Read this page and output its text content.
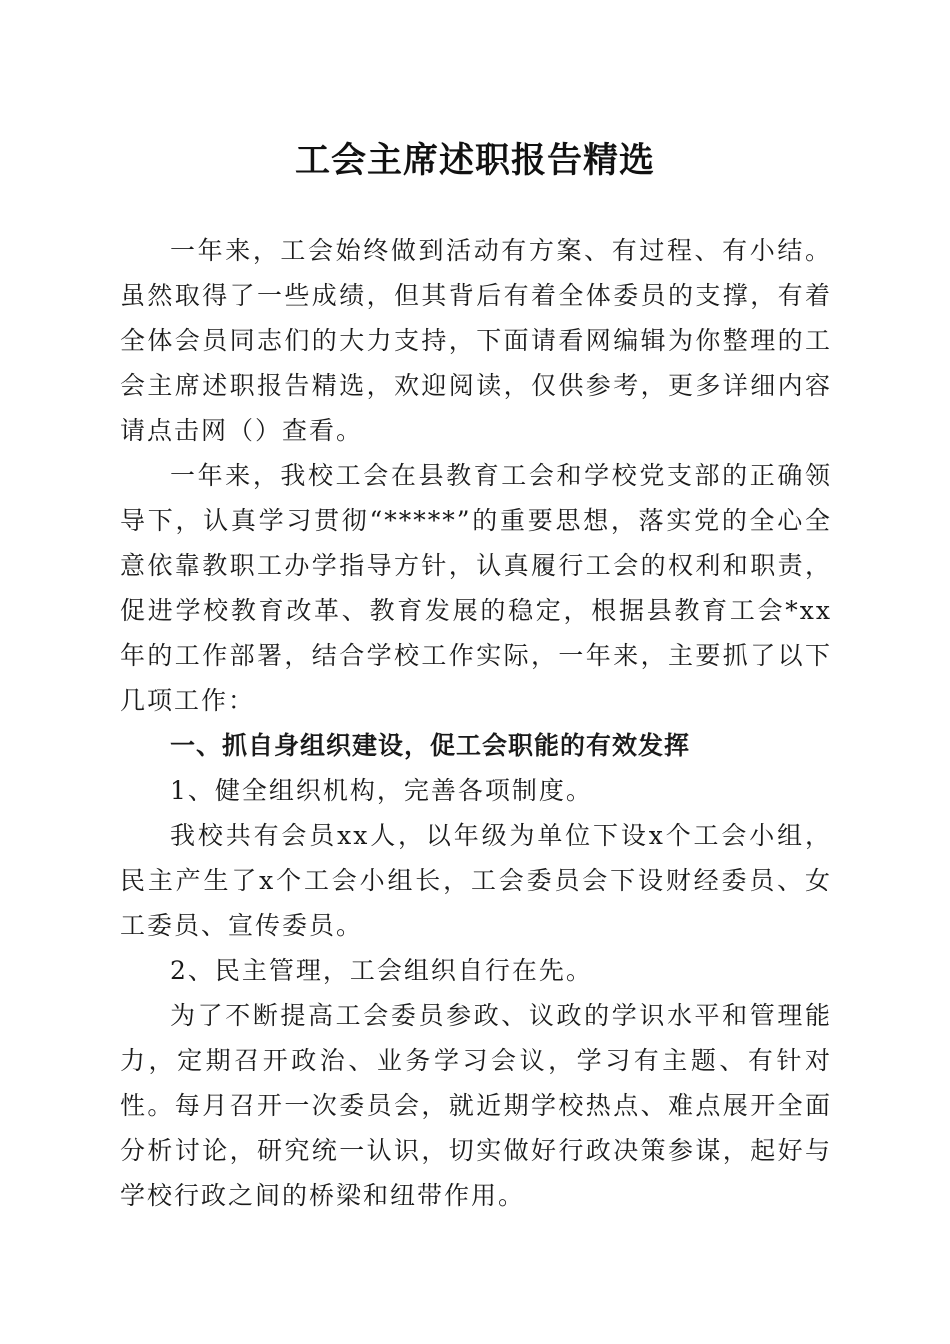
工会主席述职报告精选

一年来，工会始终做到活动有方案、有过程、有小结。虽然取得了一些成绩，但其背后有着全体委员的支撑，有着全体会员同志们的大力支持，下面请看网编辑为你整理的工会主席述职报告精选，欢迎阅读，仅供参考，更多详细内容请点击网（）查看。

一年来，我校工会在县教育工会和学校党支部的正确领导下，认真学习贯彻“*****”的重要思想，落实党的全心全意依靠教职工办学指导方针，认真履行工会的权利和职责，促进学校教育改革、教育发展的稳定，根据县教育工会*xx年的工作部署，结合学校工作实际，一年来，主要抓了以下几项工作：

一、抓自身组织建设，促工会职能的有效发挥

1、健全组织机构，完善各项制度。

我校共有会员xx人，以年级为单位下设x个工会小组，民主产生了x个工会小组长，工会委员会下设财经委员、女工委员、宣传委员。

2、民主管理，工会组织自行在先。

为了不断提高工会委员参政、议政的学识水平和管理能力，定期召开政治、业务学习会议，学习有主题、有针对性。每月召开一次委员会，就近期学校热点、难点展开全面分析讨论，研究统一认识，切实做好行政决策参谋，起好与学校行政之间的桥梁和纽带作用。
